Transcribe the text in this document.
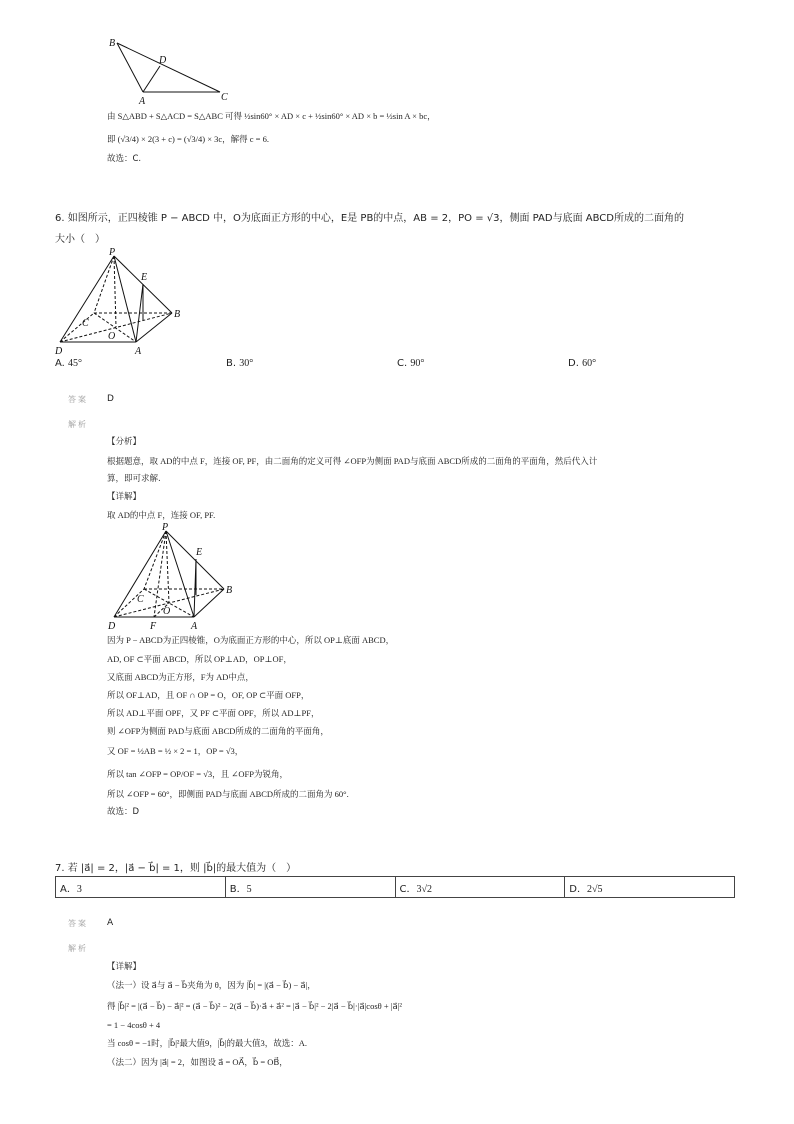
B
D
A	C
由 S△ABD + S△ACD = S△ABC 可得 ½sin60° × AD × c + ½sin60° × AD × b = ½sin A × bc，
即 (√3/4) × 2(3 + c) = (√3/4) × 3c，解得 c = 6.
故选：C.
6. 如图所示，正四棱锥 P − ABCD 中，O为底面正方形的中心，E是 PB的中点，AB = 2，PO = √3，侧面 PAD与底面 ABCD所成的二面角的
大小（　）
P
E
B
C
O
D	A
A. 45°	B. 30°	C. 90°	D. 60°
答案 D
解析
【分析】
根据题意，取 AD的中点 F，连接 OF, PF，由二面角的定义可得 ∠OFP为侧面 PAD与底面 ABCD所成的二面角的平面角，然后代入计
算，即可求解.
【详解】
取 AD的中点 F，连接 OF, PF.
P
E
B
C
O
D	F	A
因为 P − ABCD为正四棱锥，O为底面正方形的中心，所以 OP⊥底面 ABCD，
AD, OF ⊂平面 ABCD，所以 OP⊥AD，OP⊥OF，
又底面 ABCD为正方形，F为 AD中点，
所以 OF⊥AD，且 OF ∩ OP = O，OF, OP ⊂平面 OFP，
所以 AD⊥平面 OPF，又 PF ⊂平面 OPF，所以 AD⊥PF，
则 ∠OFP为侧面 PAD与底面 ABCD所成的二面角的平面角，
又 OF = ½AB = ½ × 2 = 1，OP = √3，
所以 tan ∠OFP = OP/OF = √3，且 ∠OFP为锐角，
所以 ∠OFP = 60°，即侧面 PAD与底面 ABCD所成的二面角为 60°.
故选：D
7. 若 |a⃗| = 2，|a⃗ − b⃗| = 1，则 |b⃗|的最大值为（　）
A．3	B．5	C．3√2	D．2√5
答案 A
解析
【详解】
（法一）设 a⃗与 a⃗ − b⃗夹角为 θ，因为 |b⃗| = |(a⃗ − b⃗) − a⃗|，
得 |b⃗|² = |(a⃗ − b⃗) − a⃗|² = (a⃗ − b⃗)² − 2(a⃗ − b⃗)·a⃗ + a⃗² = |a⃗ − b⃗|² − 2|a⃗ − b⃗|·|a⃗|cosθ + |a⃗|²
= 1 − 4cosθ + 4
当 cosθ = −1时，|b⃗|²最大值9，|b⃗|的最大值3，故选：A.
（法二）因为 |a⃗| = 2，如图设 a⃗ = OA⃗，b⃗ = OB⃗，
